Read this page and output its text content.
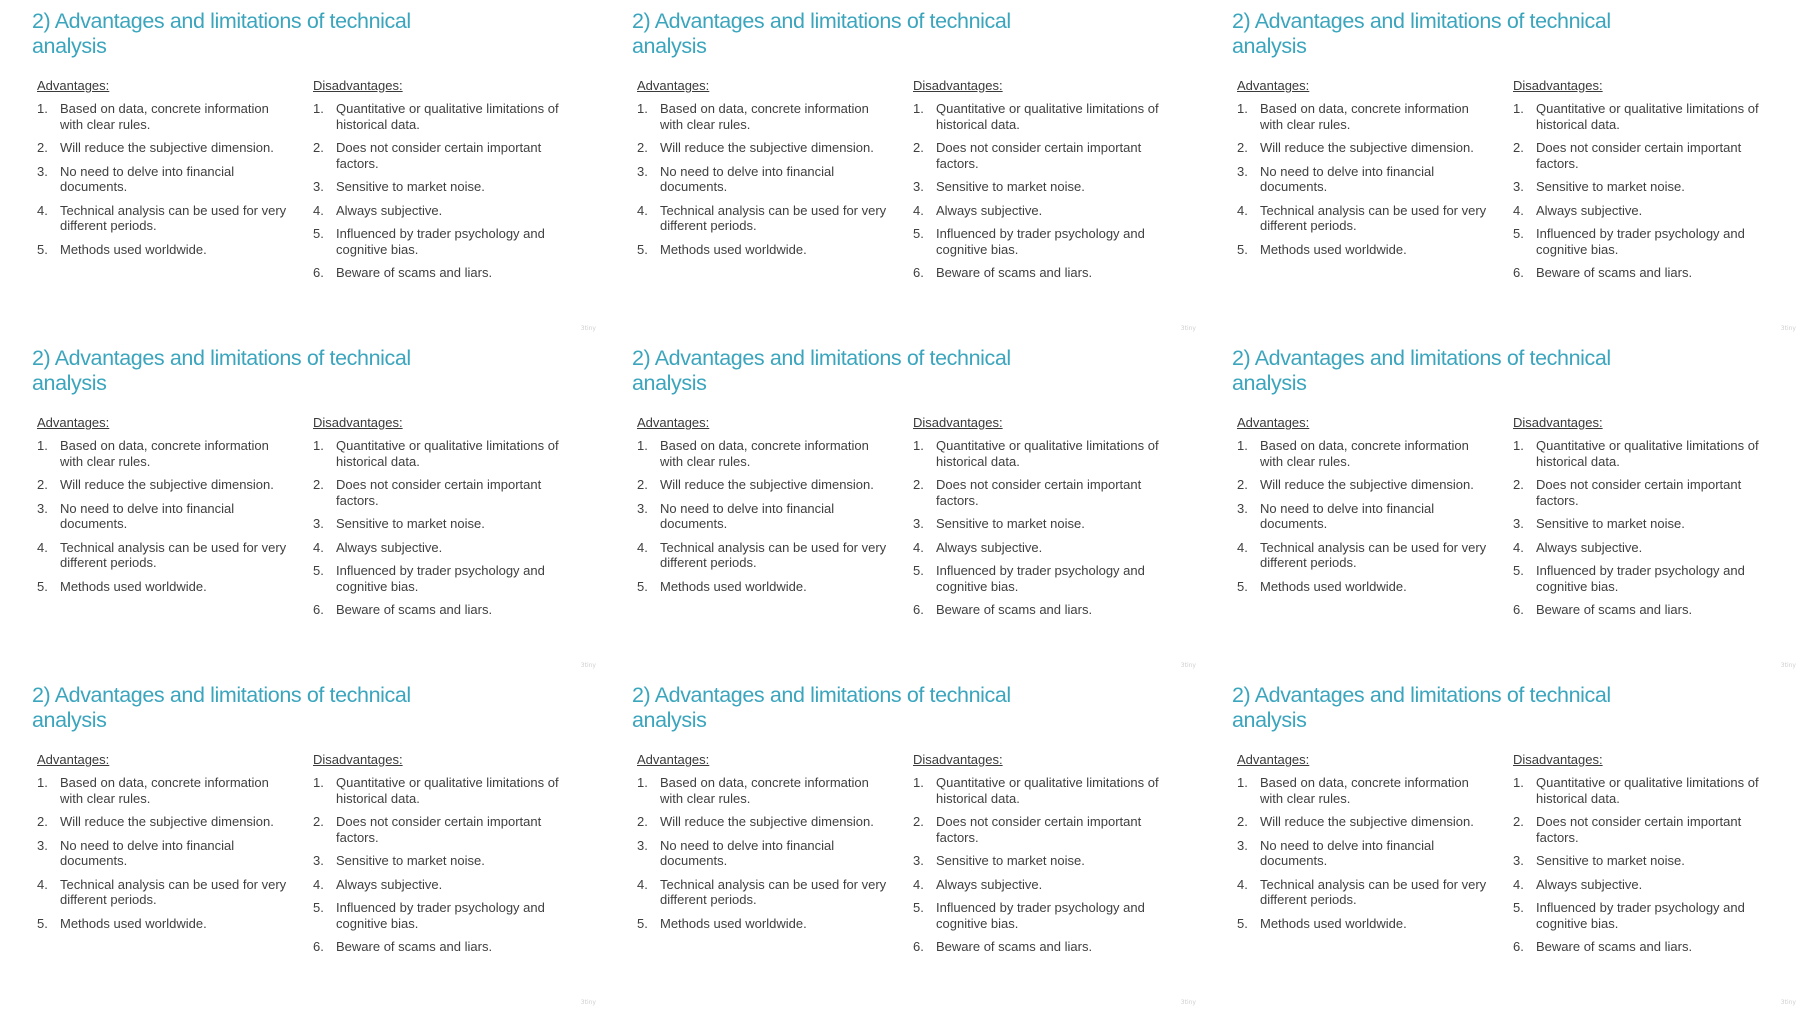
2) Advantages and limitations of technical analysis
Advantages:
1. Based on data, concrete information with clear rules.
2. Will reduce the subjective dimension.
3. No need to delve into financial documents.
4. Technical analysis can be used for very different periods.
5. Methods used worldwide.
Disadvantages:
1. Quantitative or qualitative limitations of historical data.
2. Does not consider certain important factors.
3. Sensitive to market noise.
4. Always subjective.
5. Influenced by trader psychology and cognitive bias.
6. Beware of scams and liars.
3tiny
2) Advantages and limitations of technical analysis
Advantages:
1. Based on data, concrete information with clear rules.
2. Will reduce the subjective dimension.
3. No need to delve into financial documents.
4. Technical analysis can be used for very different periods.
5. Methods used worldwide.
Disadvantages:
1. Quantitative or qualitative limitations of historical data.
2. Does not consider certain important factors.
3. Sensitive to market noise.
4. Always subjective.
5. Influenced by trader psychology and cognitive bias.
6. Beware of scams and liars.
3tiny
2) Advantages and limitations of technical analysis
Advantages:
1. Based on data, concrete information with clear rules.
2. Will reduce the subjective dimension.
3. No need to delve into financial documents.
4. Technical analysis can be used for very different periods.
5. Methods used worldwide.
Disadvantages:
1. Quantitative or qualitative limitations of historical data.
2. Does not consider certain important factors.
3. Sensitive to market noise.
4. Always subjective.
5. Influenced by trader psychology and cognitive bias.
6. Beware of scams and liars.
3tiny
2) Advantages and limitations of technical analysis
Advantages:
1. Based on data, concrete information with clear rules.
2. Will reduce the subjective dimension.
3. No need to delve into financial documents.
4. Technical analysis can be used for very different periods.
5. Methods used worldwide.
Disadvantages:
1. Quantitative or qualitative limitations of historical data.
2. Does not consider certain important factors.
3. Sensitive to market noise.
4. Always subjective.
5. Influenced by trader psychology and cognitive bias.
6. Beware of scams and liars.
3tiny
2) Advantages and limitations of technical analysis
Advantages:
1. Based on data, concrete information with clear rules.
2. Will reduce the subjective dimension.
3. No need to delve into financial documents.
4. Technical analysis can be used for very different periods.
5. Methods used worldwide.
Disadvantages:
1. Quantitative or qualitative limitations of historical data.
2. Does not consider certain important factors.
3. Sensitive to market noise.
4. Always subjective.
5. Influenced by trader psychology and cognitive bias.
6. Beware of scams and liars.
3tiny
2) Advantages and limitations of technical analysis
Advantages:
1. Based on data, concrete information with clear rules.
2. Will reduce the subjective dimension.
3. No need to delve into financial documents.
4. Technical analysis can be used for very different periods.
5. Methods used worldwide.
Disadvantages:
1. Quantitative or qualitative limitations of historical data.
2. Does not consider certain important factors.
3. Sensitive to market noise.
4. Always subjective.
5. Influenced by trader psychology and cognitive bias.
6. Beware of scams and liars.
3tiny
2) Advantages and limitations of technical analysis
Advantages:
1. Based on data, concrete information with clear rules.
2. Will reduce the subjective dimension.
3. No need to delve into financial documents.
4. Technical analysis can be used for very different periods.
5. Methods used worldwide.
Disadvantages:
1. Quantitative or qualitative limitations of historical data.
2. Does not consider certain important factors.
3. Sensitive to market noise.
4. Always subjective.
5. Influenced by trader psychology and cognitive bias.
6. Beware of scams and liars.
3tiny
2) Advantages and limitations of technical analysis
Advantages:
1. Based on data, concrete information with clear rules.
2. Will reduce the subjective dimension.
3. No need to delve into financial documents.
4. Technical analysis can be used for very different periods.
5. Methods used worldwide.
Disadvantages:
1. Quantitative or qualitative limitations of historical data.
2. Does not consider certain important factors.
3. Sensitive to market noise.
4. Always subjective.
5. Influenced by trader psychology and cognitive bias.
6. Beware of scams and liars.
3tiny
2) Advantages and limitations of technical analysis
Advantages:
1. Based on data, concrete information with clear rules.
2. Will reduce the subjective dimension.
3. No need to delve into financial documents.
4. Technical analysis can be used for very different periods.
5. Methods used worldwide.
Disadvantages:
1. Quantitative or qualitative limitations of historical data.
2. Does not consider certain important factors.
3. Sensitive to market noise.
4. Always subjective.
5. Influenced by trader psychology and cognitive bias.
6. Beware of scams and liars.
3tiny
